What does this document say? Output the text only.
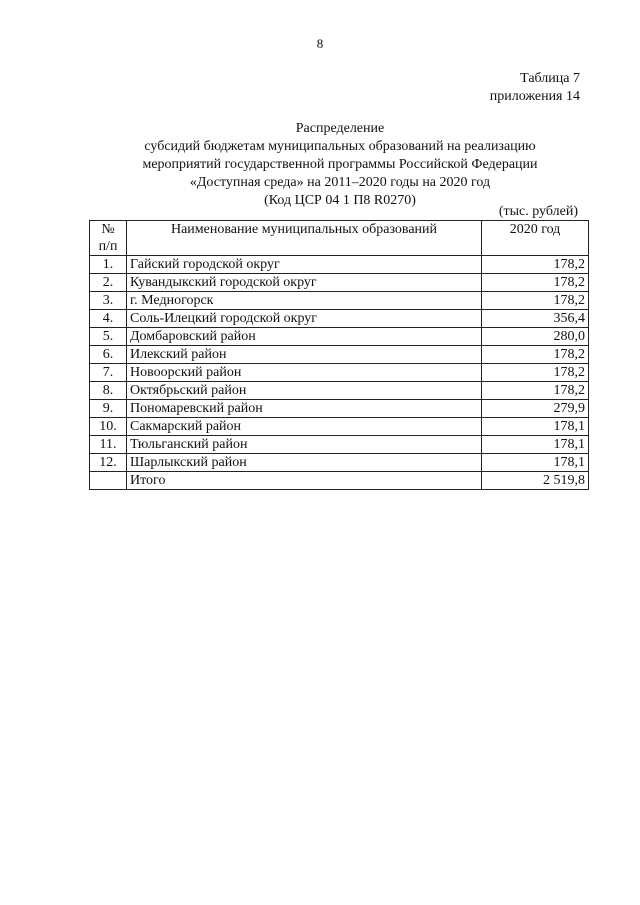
8
Таблица 7
приложения 14
Распределение
субсидий бюджетам муниципальных образований на реализацию
мероприятий государственной программы Российской Федерации
«Доступная среда» на 2011–2020 годы на 2020 год
(Код ЦСР 04 1 П8 R0270)
(тыс. рублей)
№
п/п	Наименование муниципальных образований	2020 год
1.	Гайский городской округ	178,2
2.	Кувандыкский городской округ	178,2
3.	г. Медногорск	178,2
4.	Соль-Илецкий городской округ	356,4
5.	Домбаровский район	280,0
6.	Илекский район	178,2
7.	Новоорский район	178,2
8.	Октябрьский район	178,2
9.	Пономаревский район	279,9
10.	Сакмарский район	178,1
11.	Тюльганский район	178,1
12.	Шарлыкский район	178,1
	Итого	2 519,8
